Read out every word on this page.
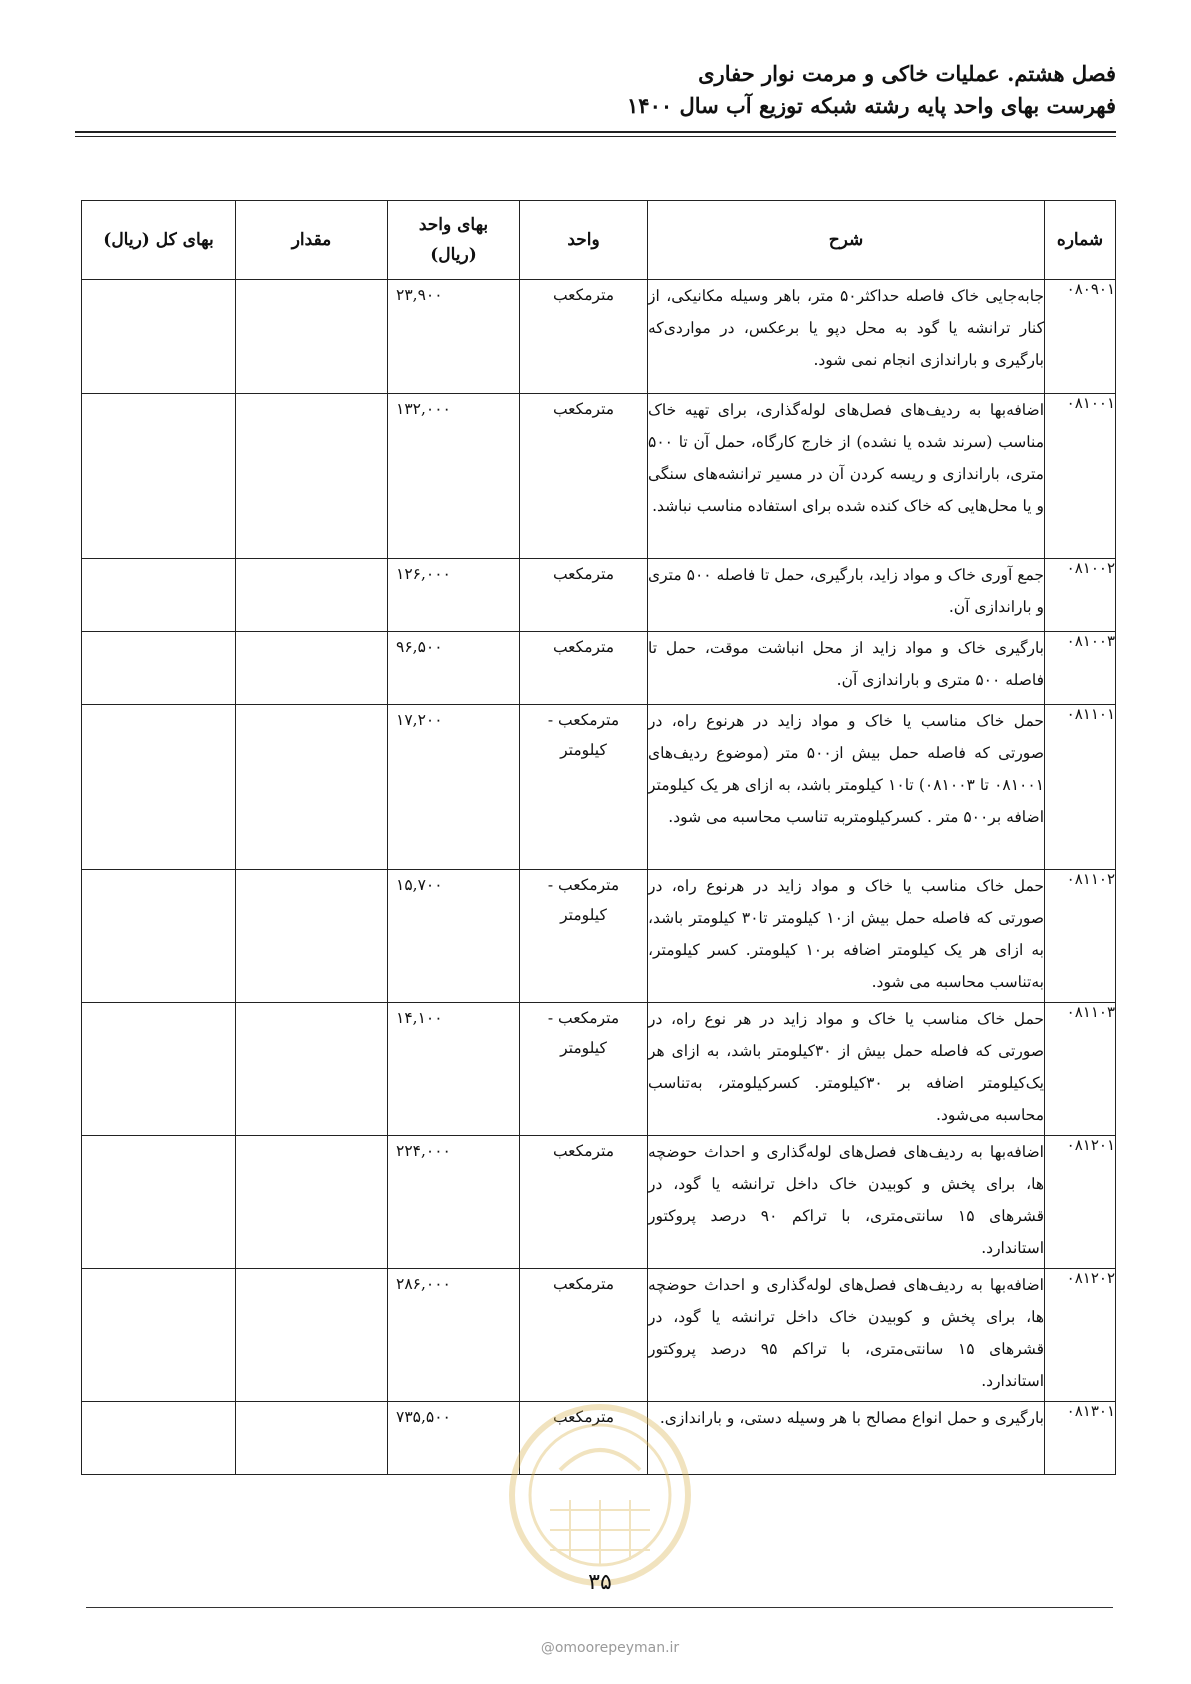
فصل هشتم. عملیات خاکی و مرمت نوار حفاری
فهرست بهای واحد پایه رشته شبکه توزیع آب سال ۱۴۰۰
شماره	شرح	واحد	بهای واحد (ریال)	مقدار	بهای کل (ریال)
۰۸۰۹۰۱	جابه‌جایی خاک فاصله حداکثر۵۰ متر، باهر وسیله مکانیکی، از کنار ترانشه یا گود به محل دپو یا برعکس، در مواردی‌که بارگیری و باراندازی انجام نمی شود.	مترمکعب	۲۳,۹۰۰		

۰۸۱۰۰۱	اضافه‌بها به ردیف‌های فصل‌های لوله‌گذاری، برای تهیه خاک مناسب (سرند شده یا نشده) از خارج کارگاه، حمل آن تا ۵۰۰ متری، باراندازی و ریسه کردن آن در مسیر ترانشه‌های سنگی و یا محل‌هایی که خاک کنده شده برای استفاده مناسب نباشد.	مترمکعب	۱۳۲,۰۰۰		

۰۸۱۰۰۲	جمع آوری خاک و مواد زاید، بارگیری، حمل تا فاصله ۵۰۰ متری و باراندازی آن.	مترمکعب	۱۲۶,۰۰۰		

۰۸۱۰۰۳	بارگیری خاک و مواد زاید از محل انباشت موقت، حمل تا فاصله ۵۰۰ متری و باراندازی آن.	مترمکعب	۹۶,۵۰۰		

۰۸۱۱۰۱	حمل خاک مناسب یا خاک و مواد زاید در هرنوع راه، در صورتی که فاصله حمل بیش از۵۰۰ متر (موضوع ردیف‌های ۰۸۱۰۰۱ تا ۰۸۱۰۰۳) تا۱۰ کیلومتر باشد، به ازای هر یک کیلومتر اضافه بر۵۰۰ متر . کسرکیلومتربه تناسب محاسبه می شود.	مترمکعب -
کیلومتر	۱۷,۲۰۰		

۰۸۱۱۰۲	حمل خاک مناسب یا خاک و مواد زاید در هرنوع راه، در صورتی که فاصله حمل بیش از۱۰ کیلومتر تا۳۰ کیلومتر باشد، به ازای هر یک کیلومتر اضافه بر۱۰ کیلومتر. کسر کیلومتر، به‌تناسب محاسبه می شود.	مترمکعب -
کیلومتر	۱۵,۷۰۰		

۰۸۱۱۰۳	حمل خاک مناسب یا خاک و مواد زاید در هر نوع راه، در صورتی که فاصله حمل بیش از ۳۰کیلومتر باشد، به ازای هر یک‌کیلومتر اضافه بر ۳۰کیلومتر. کسرکیلومتر، به‌تناسب محاسبه می‌شود.	مترمکعب -
کیلومتر	۱۴,۱۰۰		

۰۸۱۲۰۱	اضافه‌بها به ردیف‌های فصل‌های لوله‌گذاری و احداث حوضچه ها، برای پخش و کوبیدن خاک داخل ترانشه یا گود، در قشرهای ۱۵ سانتی‌متری، با تراکم ۹۰ درصد پروکتور استاندارد.	مترمکعب	۲۲۴,۰۰۰		

۰۸۱۲۰۲	اضافه‌بها به ردیف‌های فصل‌های لوله‌گذاری و احداث حوضچه ها، برای پخش و کوبیدن خاک داخل ترانشه یا گود، در قشرهای ۱۵ سانتی‌متری، با تراکم ۹۵ درصد پروکتور استاندارد.	مترمکعب	۲۸۶,۰۰۰		

۰۸۱۳۰۱	بارگیری و حمل انواع مصالح با هر وسیله دستی، و باراندازی.	مترمکعب	۷۳۵,۵۰۰		

۳۵
@omoorepeyman.ir
